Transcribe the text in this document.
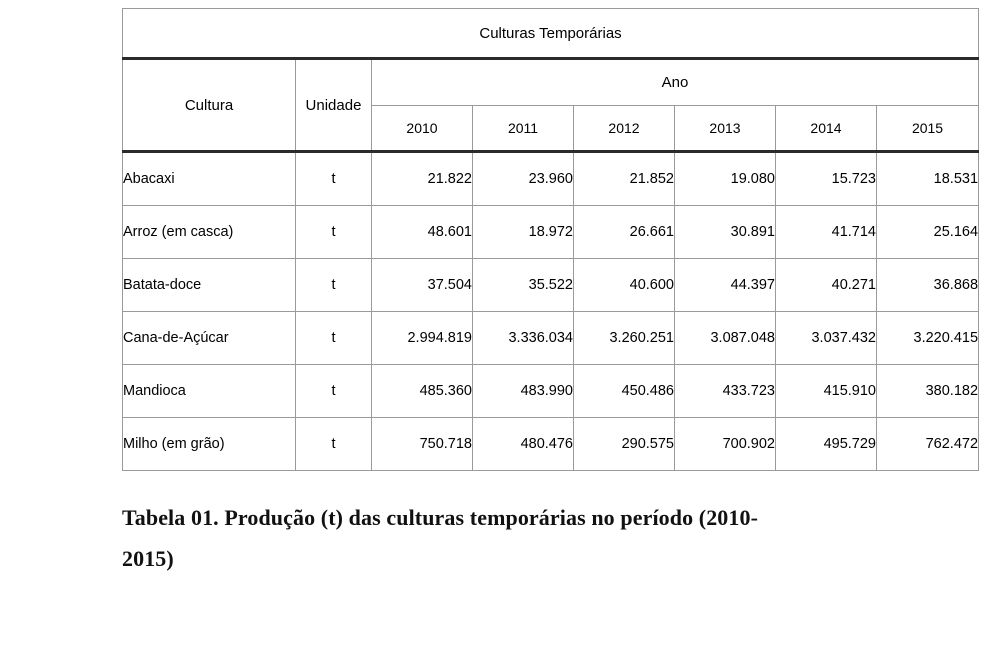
Culturas Temporárias							
Cultura	Unidade	Ano					
		2010	2011	2012	2013	2014	2015
Abacaxi	t	21.822	23.960	21.852	19.080	15.723	18.531
Arroz (em casca)	t	48.601	18.972	26.661	30.891	41.714	25.164
Batata-doce	t	37.504	35.522	40.600	44.397	40.271	36.868
Cana-de-Açúcar	t	2.994.819	3.336.034	3.260.251	3.087.048	3.037.432	3.220.415
Mandioca	t	485.360	483.990	450.486	433.723	415.910	380.182
Milho (em grão)	t	750.718	480.476	290.575	700.902	495.729	762.472
Tabela 01. Produção (t) das culturas temporárias no período (2010-
2015)
